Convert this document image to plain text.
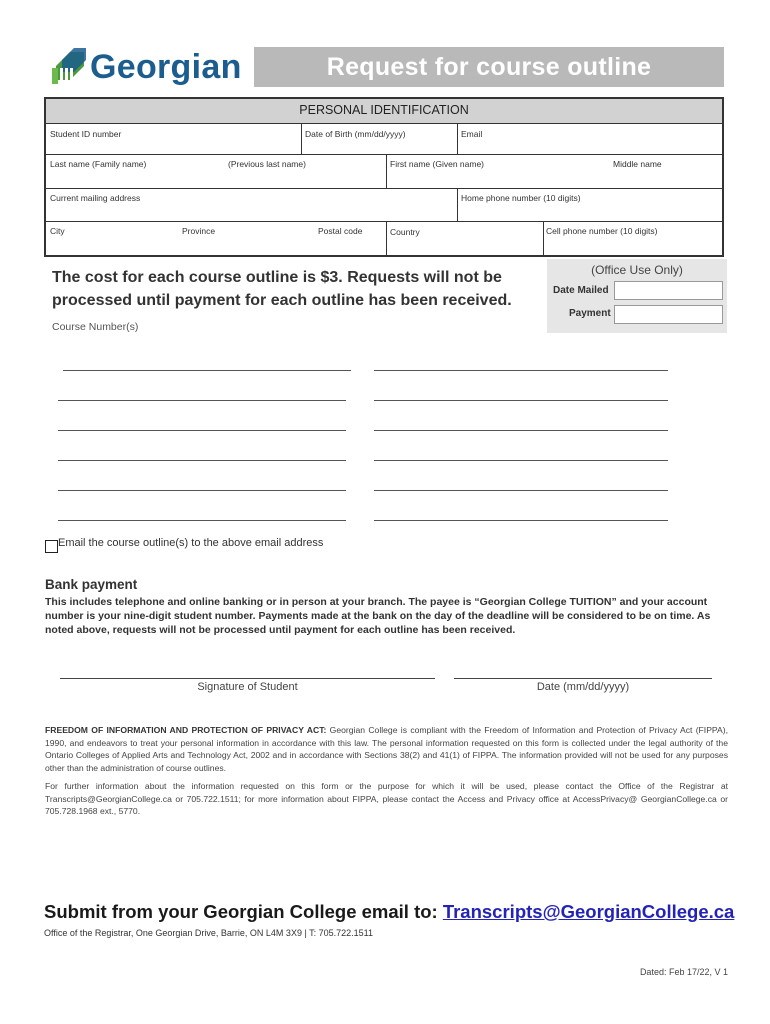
Georgian	Request for course outline
PERSONAL IDENTIFICATION
Student ID number	Date of Birth (mm/dd/yyyy)	Email
Last name (Family name)	(Previous last name)	First name (Given name)	Middle name
Current mailing address	Home phone number (10 digits)
City	Province	Postal code	Country	Cell phone number (10 digits)
The cost for each course outline is $3. Requests will not be
processed until payment for each outline has been received.
Course Number(s)
(Office Use Only)
Date Mailed
Payment
Email the course outline(s) to the above email address
Bank payment
This includes telephone and online banking or in person at your branch. The payee is “Georgian College TUITION” and your account number is your nine-digit student number. Payments made at the bank on the day of the deadline will be considered to be on time. As noted above, requests will not be processed until payment for each outline has been received.
Signature of Student	Date (mm/dd/yyyy)
FREEDOM OF INFORMATION AND PROTECTION OF PRIVACY ACT: Georgian College is compliant with the Freedom of Information and Protection of Privacy Act (FIPPA), 1990, and endeavors to treat your personal information in accordance with this law. The personal information requested on this form is collected under the legal authority of the Ontario Colleges of Applied Arts and Technology Act, 2002 and in accordance with Sections 38(2) and 41(1) of FIPPA. The information provided will not be used for any purposes other than the administration of course outlines.
For further information about the information requested on this form or the purpose for which it will be used, please contact the Office of the Registrar at Transcripts@GeorgianCollege.ca or 705.722.1511; for more information about FIPPA, please contact the Access and Privacy office at AccessPrivacy@ GeorgianCollege.ca or 705.728.1968 ext., 5770.
Submit from your Georgian College email to: Transcripts@GeorgianCollege.ca
Office of the Registrar, One Georgian Drive, Barrie, ON L4M 3X9 | T: 705.722.1511
Dated: Feb 17/22, V 1
